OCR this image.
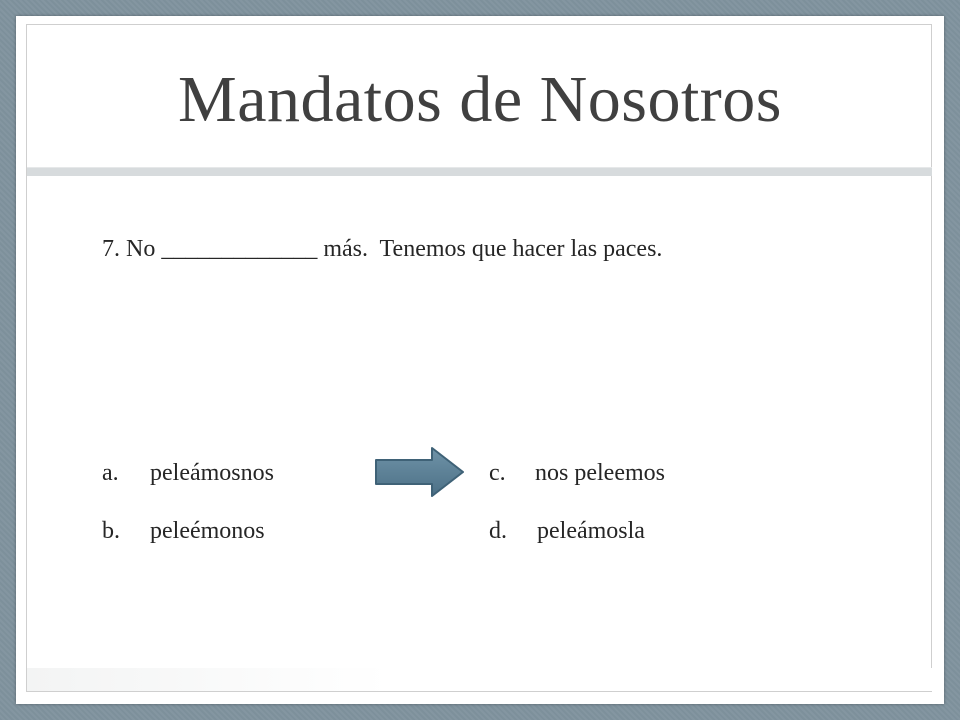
Mandatos de Nosotros
7. No _____________ más.  Tenemos que hacer las paces.
a. peleámosnos
b. peleémonos
c. nos peleemos
d. peleámosla
